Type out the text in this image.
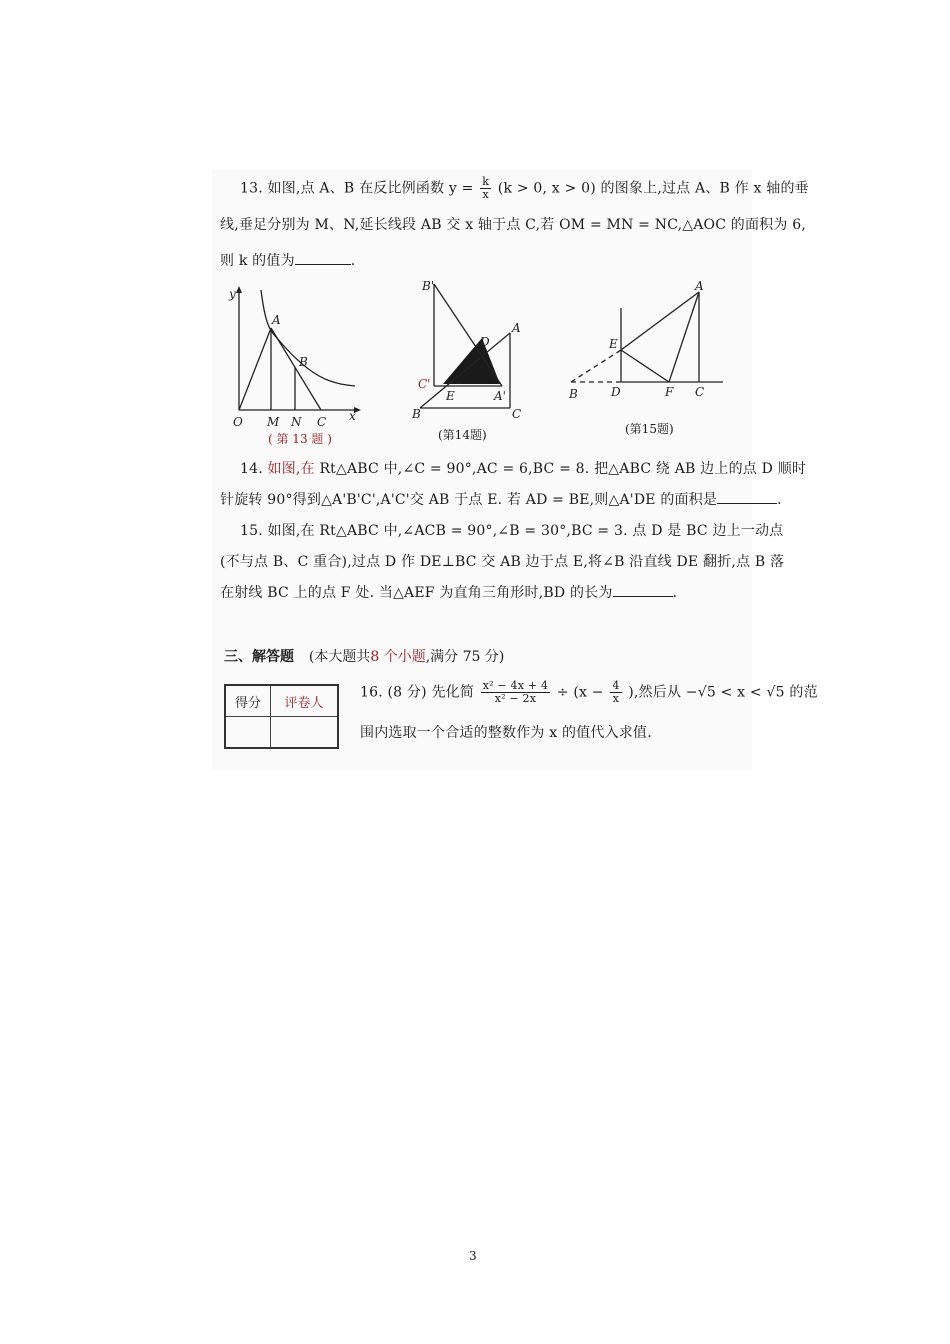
13. 如图,点 A、B 在反比例函数 $y = \frac{k}{x} (k > 0$, x > 0) 的图象上,过点 A、B 作 x 轴的垂
线,垂足分别为 M、N,延长线段 AB 交 x 轴于点 C,若 OM = MN = NC,△AOC 的面积为 6,
则 k 的值为	.
y
A
B
O M N C x
( 第 13 题 )
B'
A
D
C'
E	A'
B	C
(第14题)
A
E
B	D	F C
(第15题)
14. 如图,在 Rt△ABC 中,∠C = 90°,AC = 6,BC = 8. 把△ABC 绕 AB 边上的点 D 顺时
针旋转 90°得到△A'B'C',A'C'交 AB 于点 E. 若 AD = BE,则△A'DE 的面积是	.
15. 如图,在 Rt△ABC 中,∠ACB = 90°,∠B = 30°,BC = 3. 点 D 是 BC 边上一动点
(不与点 B、C 重合),过点 D 作 DE⊥BC 交 AB 边于点 E,将∠B 沿直线 DE 翻折,点 B 落
在射线 BC 上的点 F 处. 当△AEF 为直角三角形时,BD 的长为	.
三、解答题 (本大题共8 个小题,满分 75 分)
得分	评卷人

16. (8 分) 先化简 $\frac{\text{x² − 4x + 4}}{\text{x² − 2x}} \div (x - \frac{4}{x}$ ),然后从 −√5 < x < √5 的范
围内选取一个合适的整数作为 x 的值代入求值.
3
